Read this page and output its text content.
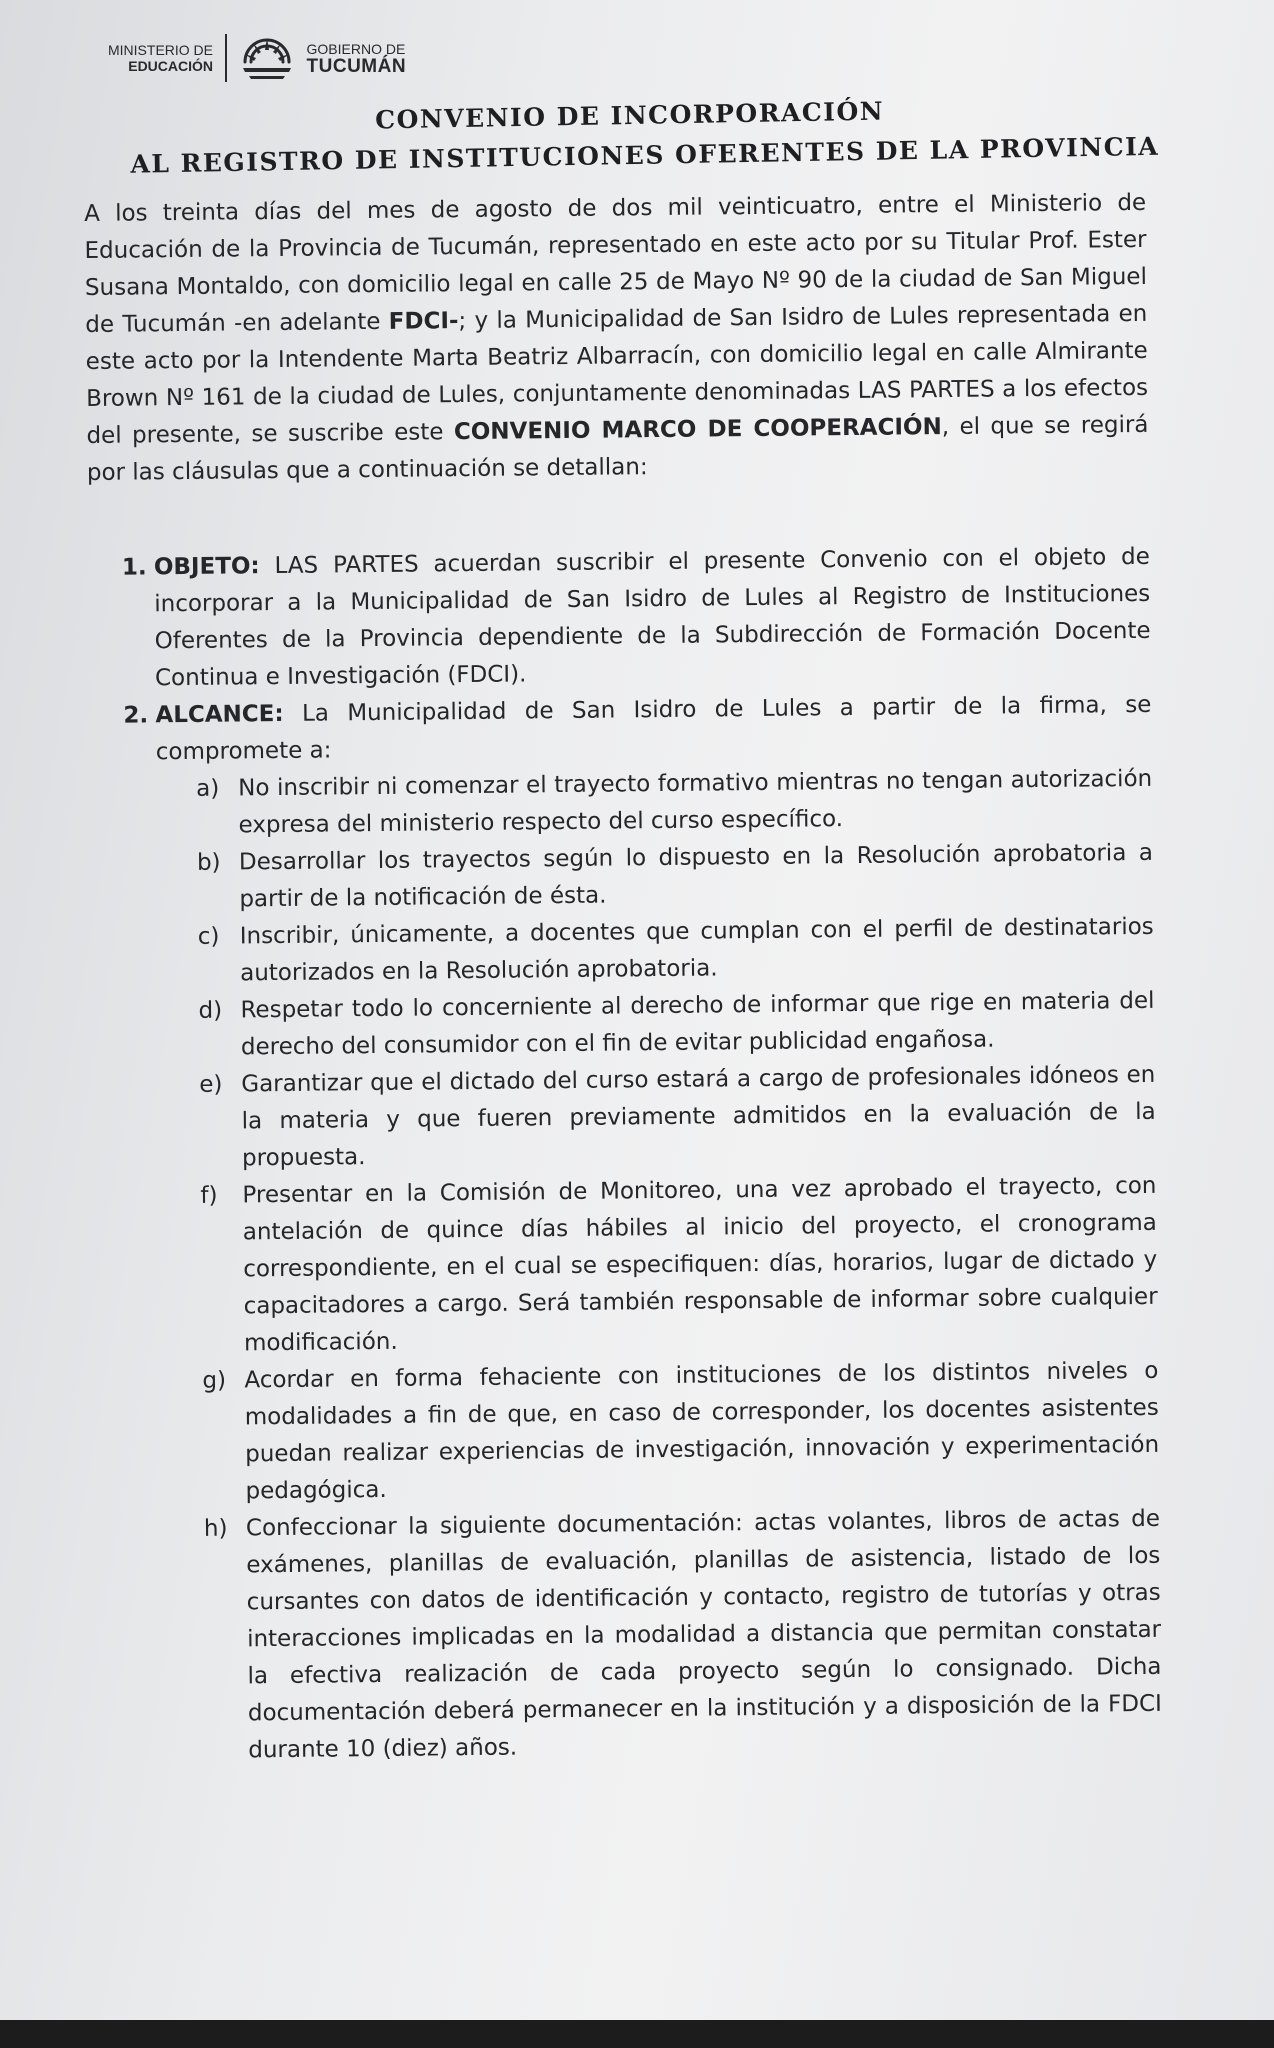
MINISTERIO DE
EDUCACIÓN
GOBIERNO DE
TUCUMÁN
CONVENIO DE INCORPORACIÓN
AL REGISTRO DE INSTITUCIONES OFERENTES DE LA PROVINCIA

A los treinta días del mes de agosto de dos mil veinticuatro, entre el Ministerio de Educación de la Provincia de Tucumán, representado en este acto por su Titular Prof. Ester Susana Montaldo, con domicilio legal en calle 25 de Mayo Nº 90 de la ciudad de San Miguel de Tucumán -en adelante FDCI-; y la Municipalidad de San Isidro de Lules representada en este acto por la Intendente Marta Beatriz Albarracín, con domicilio legal en calle Almirante Brown Nº 161 de la ciudad de Lules, conjuntamente denominadas LAS PARTES a los efectos del presente, se suscribe este CONVENIO MARCO DE COOPERACIÓN, el que se regirá por las cláusulas que a continuación se detallan:

1. OBJETO: LAS PARTES acuerdan suscribir el presente Convenio con el objeto de incorporar a la Municipalidad de San Isidro de Lules al Registro de Instituciones Oferentes de la Provincia dependiente de la Subdirección de Formación Docente Continua e Investigación (FDCI).
2. ALCANCE: La Municipalidad de San Isidro de Lules a partir de la firma, se compromete a:
a) No inscribir ni comenzar el trayecto formativo mientras no tengan autorización expresa del ministerio respecto del curso específico.
b) Desarrollar los trayectos según lo dispuesto en la Resolución aprobatoria a partir de la notificación de ésta.
c) Inscribir, únicamente, a docentes que cumplan con el perfil de destinatarios autorizados en la Resolución aprobatoria.
d) Respetar todo lo concerniente al derecho de informar que rige en materia del derecho del consumidor con el fin de evitar publicidad engañosa.
e) Garantizar que el dictado del curso estará a cargo de profesionales idóneos en la materia y que fueren previamente admitidos en la evaluación de la propuesta.
f) Presentar en la Comisión de Monitoreo, una vez aprobado el trayecto, con antelación de quince días hábiles al inicio del proyecto, el cronograma correspondiente, en el cual se especifiquen: días, horarios, lugar de dictado y capacitadores a cargo. Será también responsable de informar sobre cualquier modificación.
g) Acordar en forma fehaciente con instituciones de los distintos niveles o modalidades a fin de que, en caso de corresponder, los docentes asistentes puedan realizar experiencias de investigación, innovación y experimentación pedagógica.
h) Confeccionar la siguiente documentación: actas volantes, libros de actas de exámenes, planillas de evaluación, planillas de asistencia, listado de los cursantes con datos de identificación y contacto, registro de tutorías y otras interacciones implicadas en la modalidad a distancia que permitan constatar la efectiva realización de cada proyecto según lo consignado. Dicha documentación deberá permanecer en la institución y a disposición de la FDCI durante 10 (diez) años.
